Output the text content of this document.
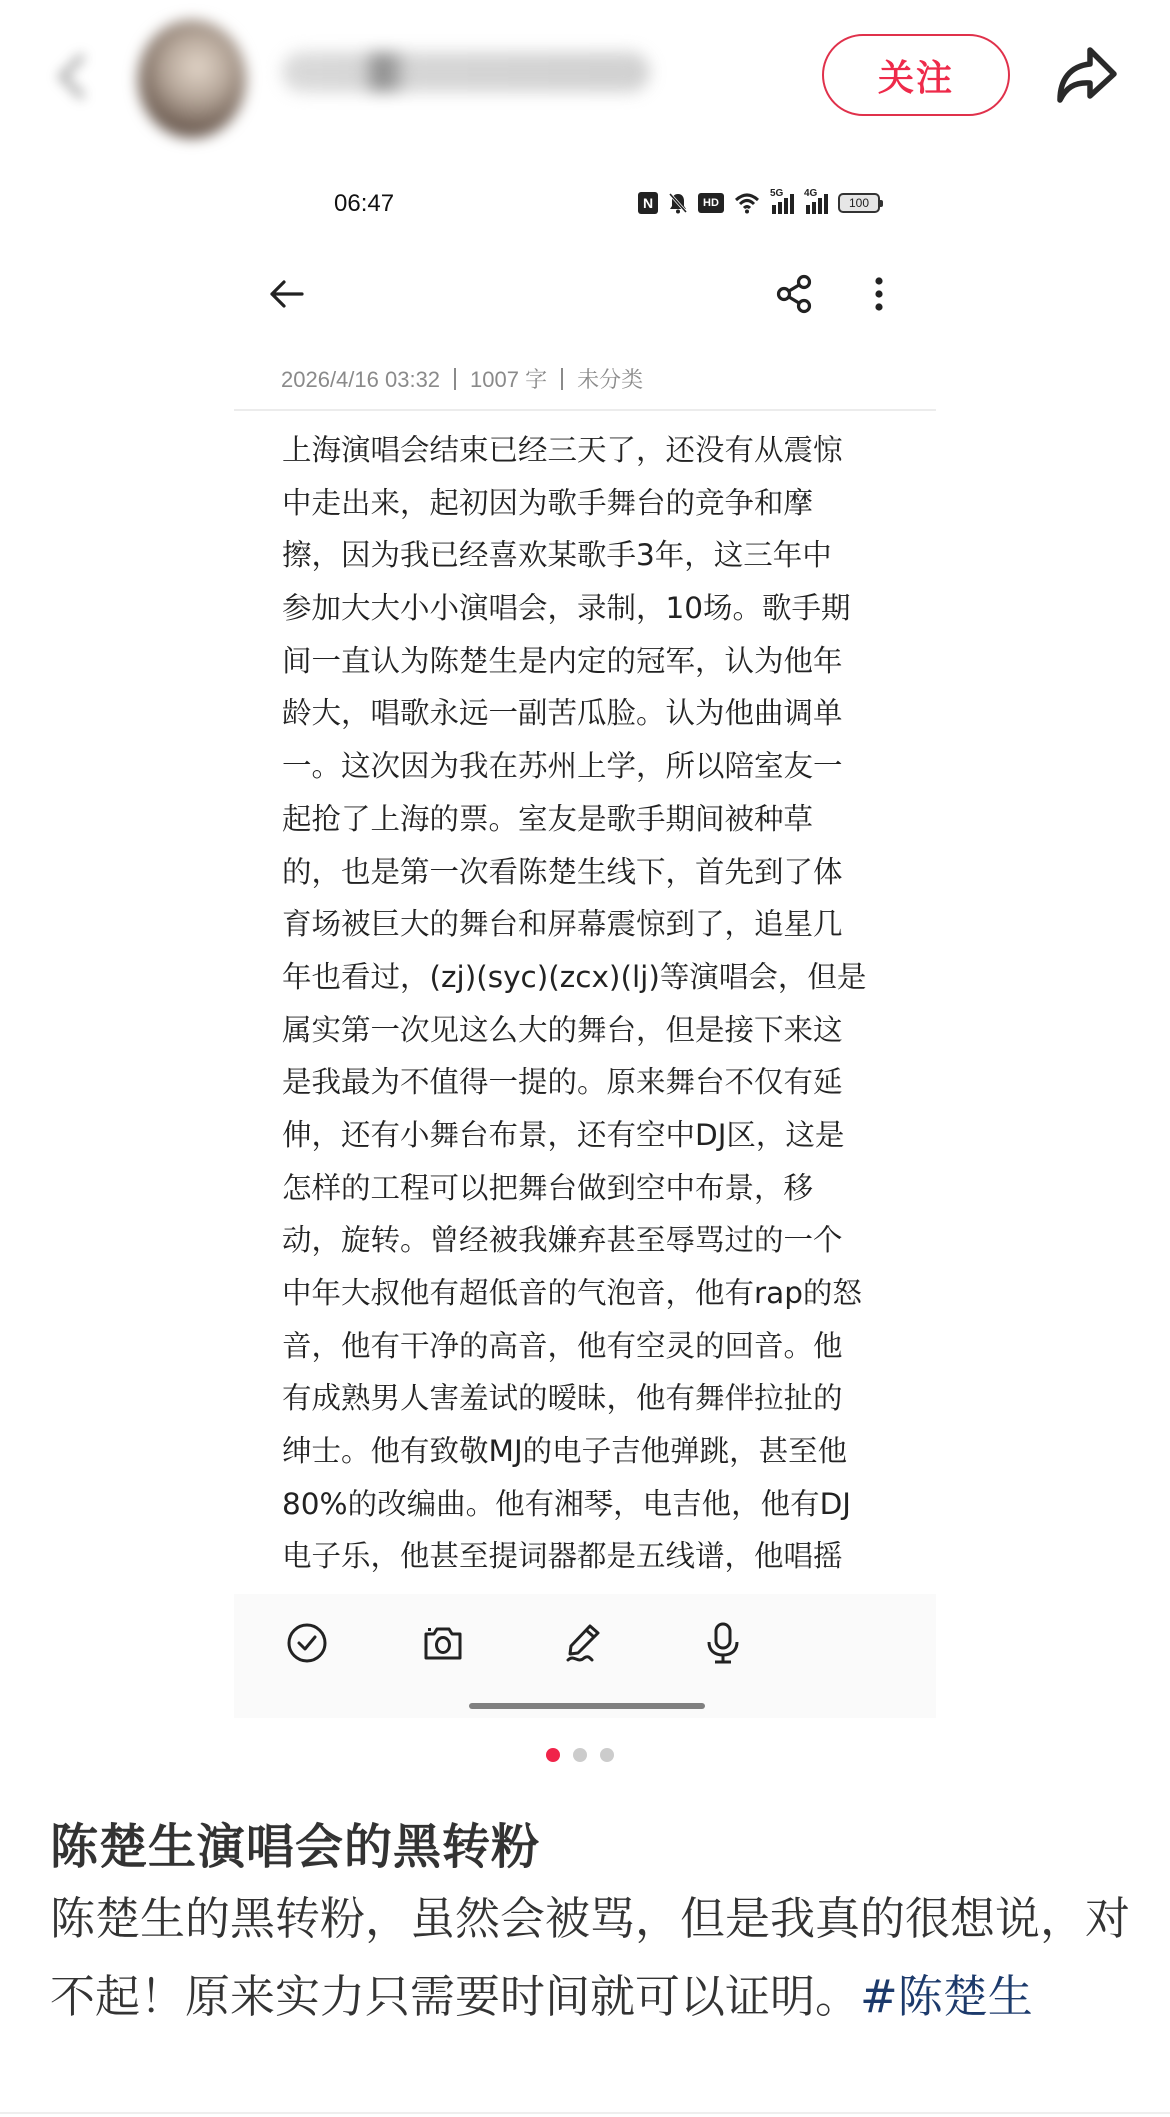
关注
06:47	N	HD
5G 4G
100
2026/4/16 03:32 1007 字 未分类
上海演唱会结束已经三天了，还没有从震惊
中走出来，起初因为歌手舞台的竞争和摩
擦，因为我已经喜欢某歌手3年，这三年中
参加大大小小演唱会，录制，10场。歌手期
间一直认为陈楚生是内定的冠军，认为他年
龄大，唱歌永远一副苦瓜脸。认为他曲调单
一。这次因为我在苏州上学，所以陪室友一
起抢了上海的票。室友是歌手期间被种草
的，也是第一次看陈楚生线下，首先到了体
育场被巨大的舞台和屏幕震惊到了，追星几
年也看过，(zj)(syc)(zcx)(lj)等演唱会，但是
属实第一次见这么大的舞台，但是接下来这
是我最为不值得一提的。原来舞台不仅有延
伸，还有小舞台布景，还有空中DJ区，这是
怎样的工程可以把舞台做到空中布景，移
动，旋转。曾经被我嫌弃甚至辱骂过的一个
中年大叔他有超低音的气泡音，他有rap的怒
音，他有干净的高音，他有空灵的回音。他
有成熟男人害羞试的暧昧，他有舞伴拉扯的
绅士。他有致敬MJ的电子吉他弹跳，甚至他
80%的改编曲。他有湘琴，电吉他，他有DJ
电子乐，他甚至提词器都是五线谱，他唱摇
陈楚生演唱会的黑转粉
陈楚生的黑转粉，虽然会被骂，但是我真的很想说，对不起！原来实力只需要时间就可以证明。#陈楚生
